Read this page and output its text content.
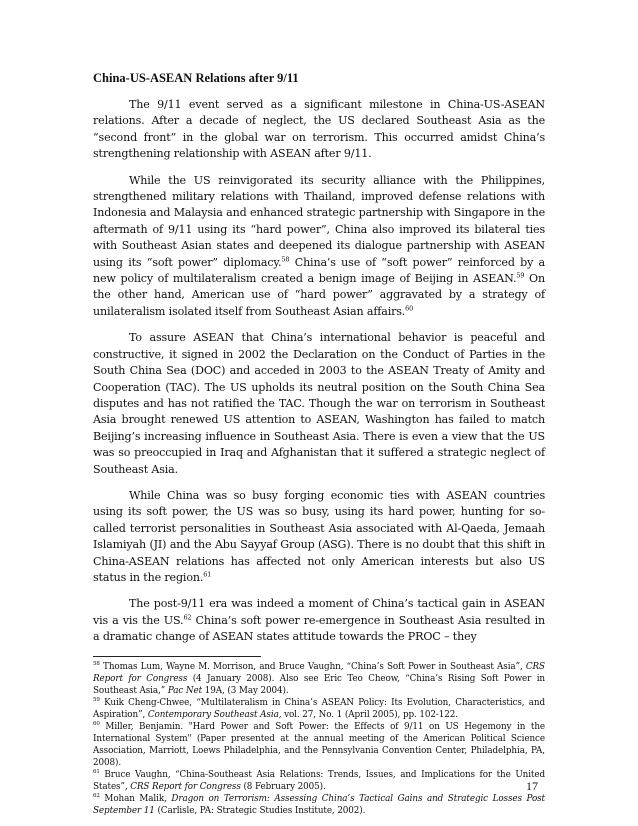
China-US-ASEAN Relations after 9/11

The 9/11 event served as a significant milestone in China-US-ASEAN relations. After a decade of neglect, the US declared Southeast Asia as the “second front” in the global war on terrorism. This occurred amidst China’s strengthening relationship with ASEAN after 9/11.

While the US reinvigorated its security alliance with the Philippines, strengthened military relations with Thailand, improved defense relations with Indonesia and Malaysia and enhanced strategic partnership with Singapore in the aftermath of 9/11 using its “hard power”, China also improved its bilateral ties with Southeast Asian states and deepened its dialogue partnership with ASEAN using its “soft power” diplomacy.$^{58}$ China’s use of “soft power” reinforced by a new policy of multilateralism created a benign image of Beijing in ASEAN.$^{59}$ On the other hand, American use of “hard power” aggravated by a strategy of unilateralism isolated itself from Southeast Asian affairs.$^{60}$

To assure ASEAN that China’s international behavior is peaceful and constructive, it signed in 2002 the Declaration on the Conduct of Parties in the South China Sea (DOC) and acceded in 2003 to the ASEAN Treaty of Amity and Cooperation (TAC). The US upholds its neutral position on the South China Sea disputes and has not ratified the TAC. Though the war on terrorism in Southeast Asia brought renewed US attention to ASEAN, Washington has failed to match Beijing’s increasing influence in Southeast Asia. There is even a view that the US was so preoccupied in Iraq and Afghanistan that it suffered a strategic neglect of Southeast Asia.

While China was so busy forging economic ties with ASEAN countries using its soft power, the US was so busy, using its hard power, hunting for so-called terrorist personalities in Southeast Asia associated with Al-Qaeda, Jemaah Islamiyah (JI) and the Abu Sayyaf Group (ASG). There is no doubt that this shift in China-ASEAN relations has affected not only American interests but also US status in the region.$^{61}$

The post-9/11 era was indeed a moment of China’s tactical gain in ASEAN vis a vis the US.$^{62}$ China’s soft power re-emergence in Southeast Asia resulted in a dramatic change of ASEAN states attitude towards the PROC – they

$^{58}$ Thomas Lum, Wayne M. Morrison, and Bruce Vaughn, “China’s Soft Power in Southeast Asia”, CRS Report for Congress (4 January 2008). Also see Eric Teo Cheow, “China’s Rising Soft Power in Southeast Asia,” Pac Net 19A, (3 May 2004).

$^{59}$ Kuik Cheng-Chwee, “Multilateralism in China’s ASEAN Policy: Its Evolution, Characteristics, and Aspiration”, Contemporary Southeast Asia, vol. 27, No. 1 (April 2005), pp. 102-122.

$^{60}$ Miller, Benjamin. "Hard Power and Soft Power: the Effects of 9/11 on US Hegemony in the International System" (Paper presented at the annual meeting of the American Political Science Association, Marriott, Loews Philadelphia, and the Pennsylvania Convention Center, Philadelphia, PA, 2008).

$^{61}$ Bruce Vaughn, “China-Southeast Asia Relations: Trends, Issues, and Implications for the United States”, CRS Report for Congress (8 February 2005).

$^{62}$ Mohan Malik, Dragon on Terrorism: Assessing China’s Tactical Gains and Strategic Losses Post September 11 (Carlisle, PA: Strategic Studies Institute, 2002).

17
